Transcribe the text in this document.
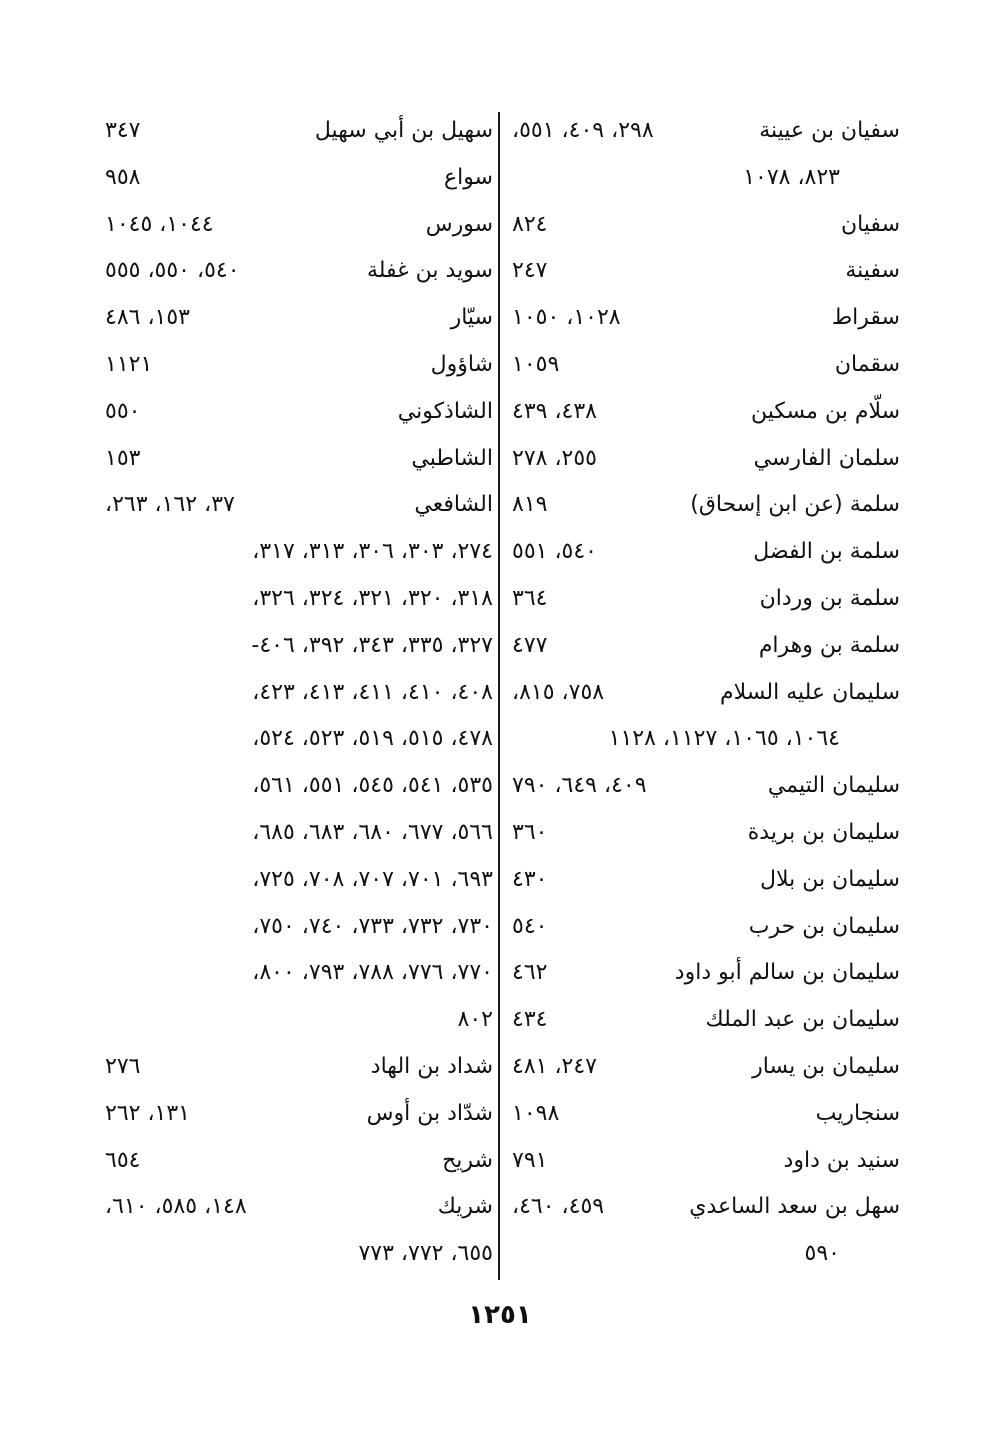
سفيان بن عيينة
٢٩٨، ٤٠٩، ٥٥١،
٨٢٣، ١٠٧٨
سفيان
٨٢٤
سفينة
٢٤٧
سقراط
١٠٢٨، ١٠٥٠
سقمان
١٠٥٩
سلّام بن مسكين
٤٣٨، ٤٣٩
سلمان الفارسي
٢٥٥، ٢٧٨
سلمة (عن ابن إسحاق)
٨١٩
سلمة بن الفضل
٥٤٠، ٥٥١
سلمة بن وردان
٣٦٤
سلمة بن وهرام
٤٧٧
سليمان عليه السلام
٧٥٨، ٨١٥،
١٠٦٤، ١٠٦٥، ١١٢٧، ١١٢٨
سليمان التيمي
٤٠٩، ٦٤٩، ٧٩٠
سليمان بن بريدة
٣٦٠
سليمان بن بلال
٤٣٠
سليمان بن حرب
٥٤٠
سليمان بن سالم أبو داود
٤٦٢
سليمان بن عبد الملك
٤٣٤
سليمان بن يسار
٢٤٧، ٤٨١
سنجاريب
١٠٩٨
سنيد بن داود
٧٩١
سهل بن سعد الساعدي
٤٥٩، ٤٦٠،
٥٩٠
سهيل بن أبي سهيل
٣٤٧
سواع
٩٥٨
سورس
١٠٤٤، ١٠٤٥
سويد بن غفلة
٥٤٠، ٥٥٠، ٥٥٥
سيّار
١٥٣، ٤٨٦
شاؤول
١١٢١
الشاذكوني
٥٥٠
الشاطبي
١٥٣
الشافعي
٣٧، ١٦٢، ٢٦٣،
٢٧٤، ٣٠٣، ٣٠٦، ٣١٣، ٣١٧،
٣١٨، ٣٢٠، ٣٢١، ٣٢٤، ٣٢٦،
٣٢٧، ٣٣٥، ٣٤٣، ٣٩٢، ٤٠٦-
٤٠٨، ٤١٠، ٤١١، ٤١٣، ٤٢٣،
٤٧٨، ٥١٥، ٥١٩، ٥٢٣، ٥٢٤،
٥٣٥، ٥٤١، ٥٤٥، ٥٥١، ٥٦١،
٥٦٦، ٦٧٧، ٦٨٠، ٦٨٣، ٦٨٥،
٦٩٣، ٧٠١، ٧٠٧، ٧٠٨، ٧٢٥،
٧٣٠، ٧٣٢، ٧٣٣، ٧٤٠، ٧٥٠،
٧٧٠، ٧٧٦، ٧٨٨، ٧٩٣، ٨٠٠،
٨٠٢
شداد بن الهاد
٢٧٦
شدّاد بن أوس
١٣١، ٢٦٢
شريح
٦٥٤
شريك
١٤٨، ٥٨٥، ٦١٠،
٦٥٥، ٧٧٢، ٧٧٣
١٢٥١
